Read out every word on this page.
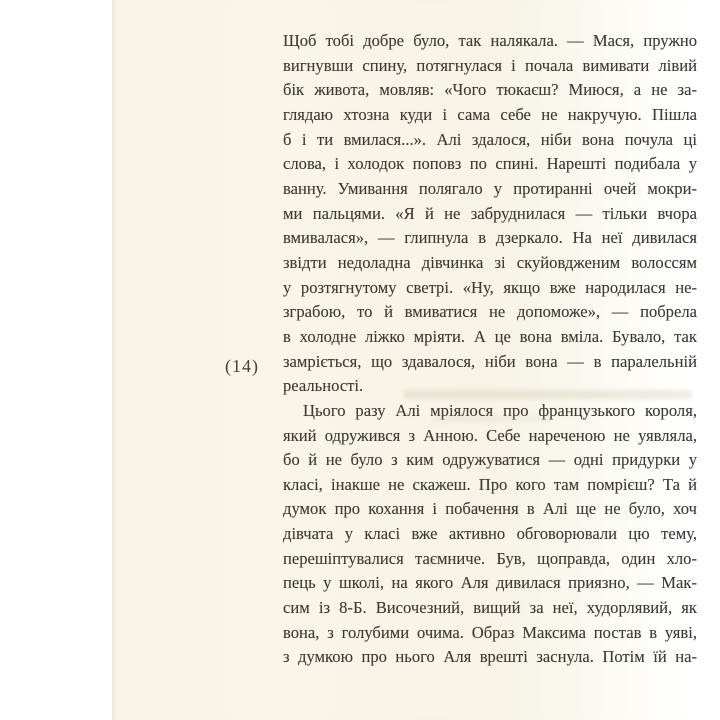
(14)
Щоб тобі добре було, так налякала. — Мася, пружно
вигнувши спину, потягнулася і почала вимивати лівий
бік живота, мовляв: «Чого тюкаєш? Миюся, а не за-
глядаю хтозна куди і сама себе не накручую. Пішла
б і ти вмилася...». Алі здалося, ніби вона почула ці
слова, і холодок поповз по спині. Нарешті подибала у
ванну. Умивання полягало у протиранні очей мокри-
ми пальцями. «Я й не забруднилася — тільки вчора
вмивалася», — глипнула в дзеркало. На неї дивилася
звідти недоладна дівчинка зі скуйовдженим волоссям
у розтягнутому светрі. «Ну, якщо вже народилася не-
зграбою, то й вмиватися не допоможе», — побрела
в холодне ліжко мріяти. А це вона вміла. Бувало, так
замріється, що здавалося, ніби вона — в паралельній
реальності.
Цього разу Алі мріялося про французького короля,
який одружився з Анною. Себе нареченою не уявляла,
бо й не було з ким одружуватися — одні придурки у
класі, інакше не скажеш. Про кого там помрієш? Та й
думок про кохання і побачення в Алі ще не було, хоч
дівчата у класі вже активно обговорювали цю тему,
перешіптувалися таємниче. Був, щоправда, один хло-
пець у школі, на якого Аля дивилася приязно, — Мак-
сим із 8-Б. Височезний, вищий за неї, худорлявий, як
вона, з голубими очима. Образ Максима постав в уяві,
з думкою про нього Аля врешті заснула. Потім їй на-
